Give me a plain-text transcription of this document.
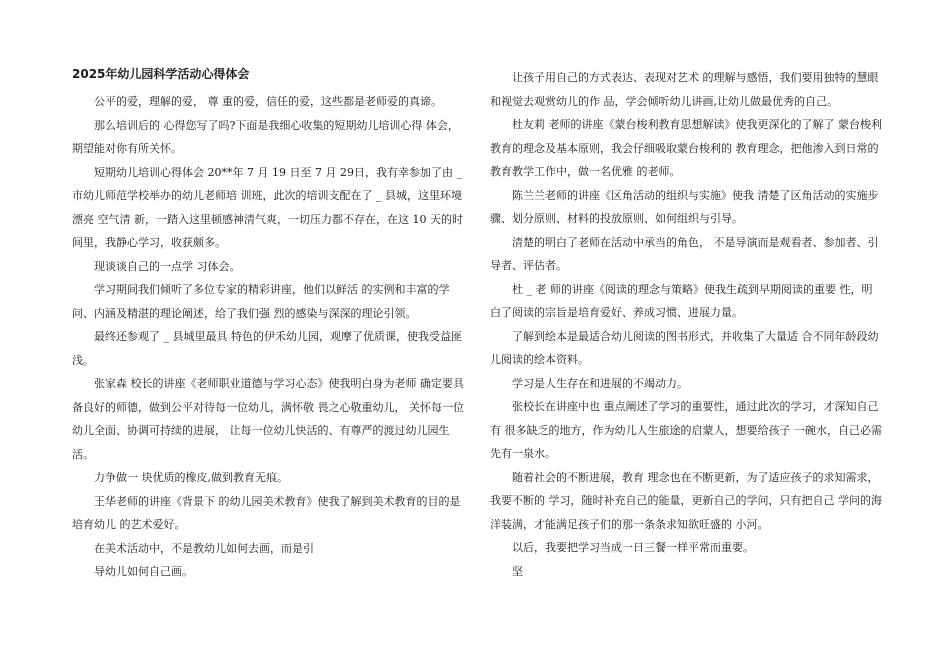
2025年幼儿园科学活动心得体会

公平的爱，理解的爱， 尊 重的爱，信任的爱，这些都是老师爱的真谛。

那么培训后的 心得您写了吗?下面是我细心收集的短期幼儿培训心得 体会，期望能对你有所关怀。

短期幼儿培训心得体会 20**年 7 月 19 日至 7 月 29日，我有幸参加了由 _ 市幼儿师范学校举办的幼儿老师培 训班，此次的培训支配在了 _ 县城，这里环境漂亮 空气清 新，一踏入这里顿感神清气爽，一切压力都不存在，在这 10 天的时间里，我静心学习，收获颇多。

现谈谈自己的一点学 习体会。

学习期间我们倾听了多位专家的精彩讲座，他们以鲜活 的实例和丰富的学问、内涵及精湛的理论阐述，给了我们强 烈的感染与深深的理论引领。

最终还参观了 _ 县城里最具 特色的伊禾幼儿园，观摩了优质课，使我受益匪浅。

张家森 校长的讲座《老师职业道德与学习心态》使我明白身为老师 确定要具备良好的师德，做到公平对待每一位幼儿，满怀敬 畏之心敬重幼儿， 关怀每一位幼儿全面、协调可持续的进展， 让每一位幼儿快活的、有尊严的渡过幼儿园生活。

力争做一 块优质的橡皮,做到教育无痕。

王华老师的讲座《背景下 的幼儿园美术教育》使我了解到美术教育的目的是培育幼儿 的艺术爱好。

在美术活动中，不是教幼儿如何去画，而是引

导幼儿如何自己画。

让孩子用自己的方式表达、表现对艺术 的理解与感悟，我们要用独特的慧眼和视觉去观赏幼儿的作 品，学会倾听幼儿讲画,让幼儿做最优秀的自己。

杜友莉 老师的讲座《蒙台梭利教育思想解读》使我更深化的了解了 蒙台梭利教育的理念及基本原则，我会仔细吸取蒙台梭利的 教育理念，把他渗入到日常的教育教学工作中，做一名优雅 的老师。

陈兰兰老师的讲座《区角活动的组织与实施》使我 清楚了区角活动的实施步骤、划分原则、材料的投放原则、如何组织与引导。

清楚的明白了老师在活动中承当的角色， 不是导演而是观看者、参加者、引导者、评估者。

杜 _ 老 师的讲座《阅读的理念与策略》使我生疏到早期阅读的重要 性，明白了阅读的宗旨是培育爱好、养成习惯、进展力量。

了解到绘本是最适合幼儿阅读的图书形式，并收集了大量适 合不同年龄段幼儿阅读的绘本资料。

学习是人生存在和进展的不竭动力。

张校长在讲座中也 重点阐述了学习的重要性，通过此次的学习，才深知自己有 很多缺乏的地方，作为幼儿人生旅途的启蒙人，想要给孩子 一碗水，自己必需先有一泉水。

随着社会的不断进展，教育 理念也在不断更新，为了适应孩子的求知需求，我要不断的 学习，随时补充自己的能量，更新自己的学问，只有把自己 学问的海洋装满，才能满足孩子们的那一条条求知欲旺盛的 小河。

以后，我要把学习当成一日三餐一样平常而重要。

坚
